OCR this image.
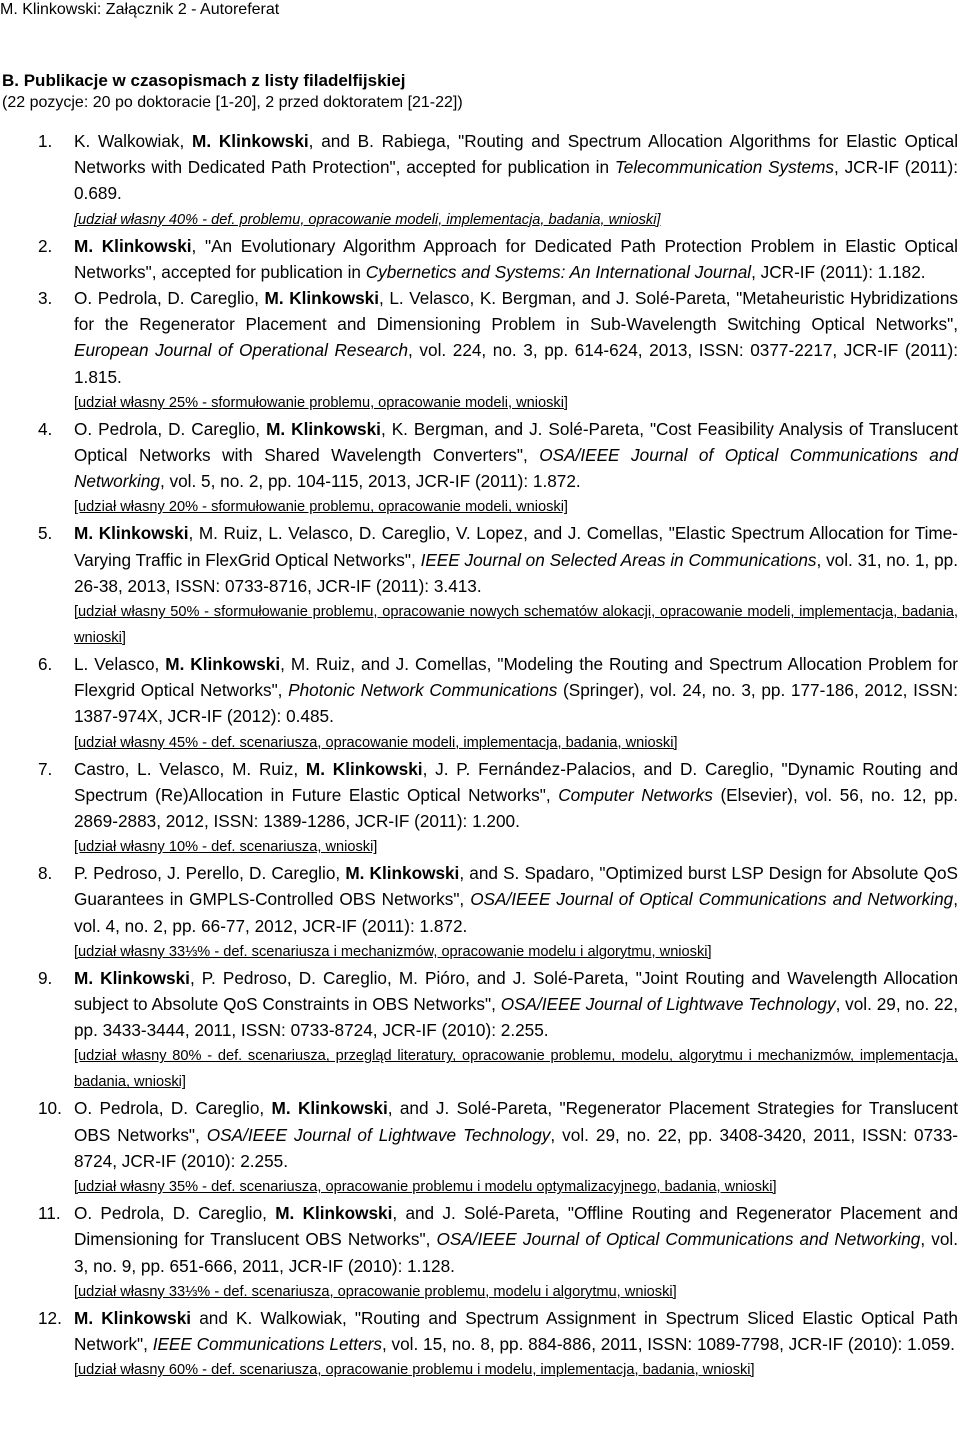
M. Klinkowski: Załącznik 2 - Autoreferat
B. Publikacje w czasopismach z listy filadelfijskiej
(22 pozycje: 20 po doktoracie [1-20], 2 przed doktoratem [21-22])
1.	K. Walkowiak, M. Klinkowski, and B. Rabiega, "Routing and Spectrum Allocation Algorithms for Elastic Optical Networks with Dedicated Path Protection", accepted for publication in Telecommunication Systems, JCR-IF (2011): 0.689.
[udział własny 40% - def. problemu, opracowanie modeli, implementacja, badania, wnioski]
2.	M. Klinkowski, "An Evolutionary Algorithm Approach for Dedicated Path Protection Problem in Elastic Optical Networks", accepted for publication in Cybernetics and Systems: An International Journal, JCR-IF (2011): 1.182.
3.	O. Pedrola, D. Careglio, M. Klinkowski, L. Velasco, K. Bergman, and J. Solé-Pareta, "Metaheuristic Hybridizations for the Regenerator Placement and Dimensioning Problem in Sub-Wavelength Switching Optical Networks", European Journal of Operational Research, vol. 224, no. 3, pp. 614-624, 2013, ISSN: 0377-2217, JCR-IF (2011): 1.815.
[udział własny 25% - sformułowanie problemu, opracowanie modeli, wnioski]
4.	O. Pedrola, D. Careglio, M. Klinkowski, K. Bergman, and J. Solé-Pareta, "Cost Feasibility Analysis of Translucent Optical Networks with Shared Wavelength Converters", OSA/IEEE Journal of Optical Communications and Networking, vol. 5, no. 2, pp. 104-115, 2013, JCR-IF (2011): 1.872.
[udział własny 20% - sformułowanie problemu, opracowanie modeli, wnioski]
5.	M. Klinkowski, M. Ruiz, L. Velasco, D. Careglio, V. Lopez, and J. Comellas, "Elastic Spectrum Allocation for Time-Varying Traffic in FlexGrid Optical Networks", IEEE Journal on Selected Areas in Communications, vol. 31, no. 1, pp. 26-38, 2013, ISSN: 0733-8716, JCR-IF (2011): 3.413.
[udział własny 50% - sformułowanie problemu, opracowanie nowych schematów alokacji, opracowanie modeli, implementacja, badania, wnioski]
6.	L. Velasco, M. Klinkowski, M. Ruiz, and J. Comellas, "Modeling the Routing and Spectrum Allocation Problem for Flexgrid Optical Networks", Photonic Network Communications (Springer), vol. 24, no. 3, pp. 177-186, 2012, ISSN: 1387-974X, JCR-IF (2012): 0.485.
[udział własny 45% - def. scenariusza, opracowanie modeli, implementacja, badania, wnioski]
7.	Castro, L. Velasco, M. Ruiz, M. Klinkowski, J. P. Fernández-Palacios, and D. Careglio, "Dynamic Routing and Spectrum (Re)Allocation in Future Elastic Optical Networks", Computer Networks (Elsevier), vol. 56, no. 12, pp. 2869-2883, 2012, ISSN: 1389-1286, JCR-IF (2011): 1.200.
[udział własny 10% - def. scenariusza, wnioski]
8.	P. Pedroso, J. Perello, D. Careglio, M. Klinkowski, and S. Spadaro, "Optimized burst LSP Design for Absolute QoS Guarantees in GMPLS-Controlled OBS Networks", OSA/IEEE Journal of Optical Communications and Networking, vol. 4, no. 2, pp. 66-77, 2012, JCR-IF (2011): 1.872.
[udział własny 33⅓% - def. scenariusza i mechanizmów, opracowanie modelu i algorytmu, wnioski]
9.	M. Klinkowski, P. Pedroso, D. Careglio, M. Pióro, and J. Solé-Pareta, "Joint Routing and Wavelength Allocation subject to Absolute QoS Constraints in OBS Networks", OSA/IEEE Journal of Lightwave Technology, vol. 29, no. 22, pp. 3433-3444, 2011, ISSN: 0733-8724, JCR-IF (2010): 2.255.
[udział własny 80% - def. scenariusza, przegląd literatury, opracowanie problemu, modelu, algorytmu i mechanizmów, implementacja, badania, wnioski]
10. O. Pedrola, D. Careglio, M. Klinkowski, and J. Solé-Pareta, "Regenerator Placement Strategies for Translucent OBS Networks", OSA/IEEE Journal of Lightwave Technology, vol. 29, no. 22, pp. 3408-3420, 2011, ISSN: 0733-8724, JCR-IF (2010): 2.255.
[udział własny 35% - def. scenariusza, opracowanie problemu i modelu optymalizacyjnego, badania, wnioski]
11. O. Pedrola, D. Careglio, M. Klinkowski, and J. Solé-Pareta, "Offline Routing and Regenerator Placement and Dimensioning for Translucent OBS Networks", OSA/IEEE Journal of Optical Communications and Networking, vol. 3, no. 9, pp. 651-666, 2011, JCR-IF (2010): 1.128.
[udział własny 33⅓% - def. scenariusza, opracowanie problemu, modelu i algorytmu, wnioski]
12. M. Klinkowski and K. Walkowiak, "Routing and Spectrum Assignment in Spectrum Sliced Elastic Optical Path Network", IEEE Communications Letters, vol. 15, no. 8, pp. 884-886, 2011, ISSN: 1089-7798, JCR-IF (2010): 1.059.
[udział własny 60% - def. scenariusza, opracowanie problemu i modelu, implementacja, badania, wnioski]
